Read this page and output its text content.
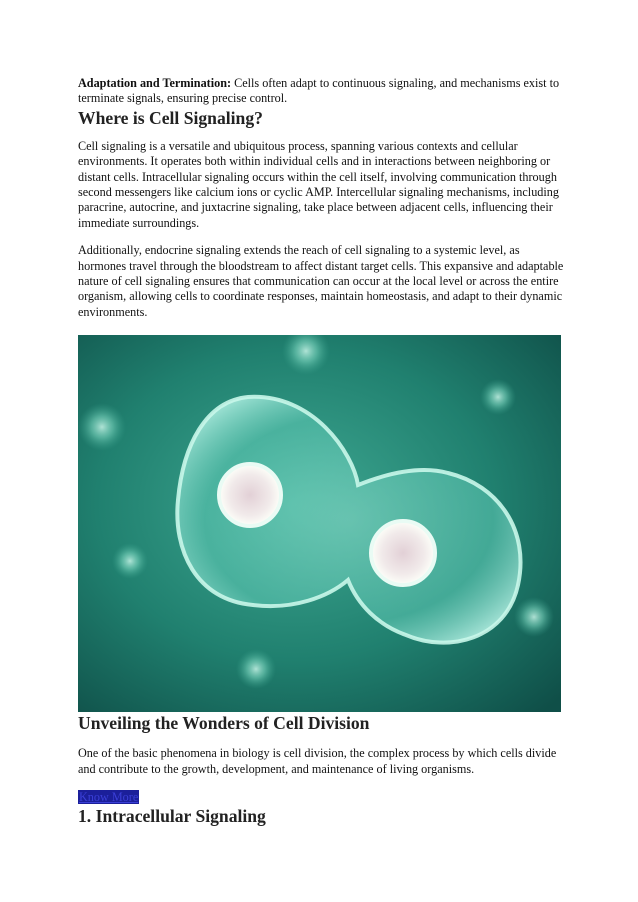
Adaptation and Termination: Cells often adapt to continuous signaling, and mechanisms exist to terminate signals, ensuring precise control.

Where is Cell Signaling?

Cell signaling is a versatile and ubiquitous process, spanning various contexts and cellular environments. It operates both within individual cells and in interactions between neighboring or distant cells. Intracellular signaling occurs within the cell itself, involving communication through second messengers like calcium ions or cyclic AMP. Intercellular signaling mechanisms, including paracrine, autocrine, and juxtacrine signaling, take place between adjacent cells, influencing their immediate surroundings.

Additionally, endocrine signaling extends the reach of cell signaling to a systemic level, as hormones travel through the bloodstream to affect distant target cells. This expansive and adaptable nature of cell signaling ensures that communication can occur at the local level or across the entire organism, allowing cells to coordinate responses, maintain homeostasis, and adapt to their dynamic environments.

Unveiling the Wonders of Cell Division

One of the basic phenomena in biology is cell division, the complex process by which cells divide and contribute to the growth, development, and maintenance of living organisms.

Know More
1. Intracellular Signaling
